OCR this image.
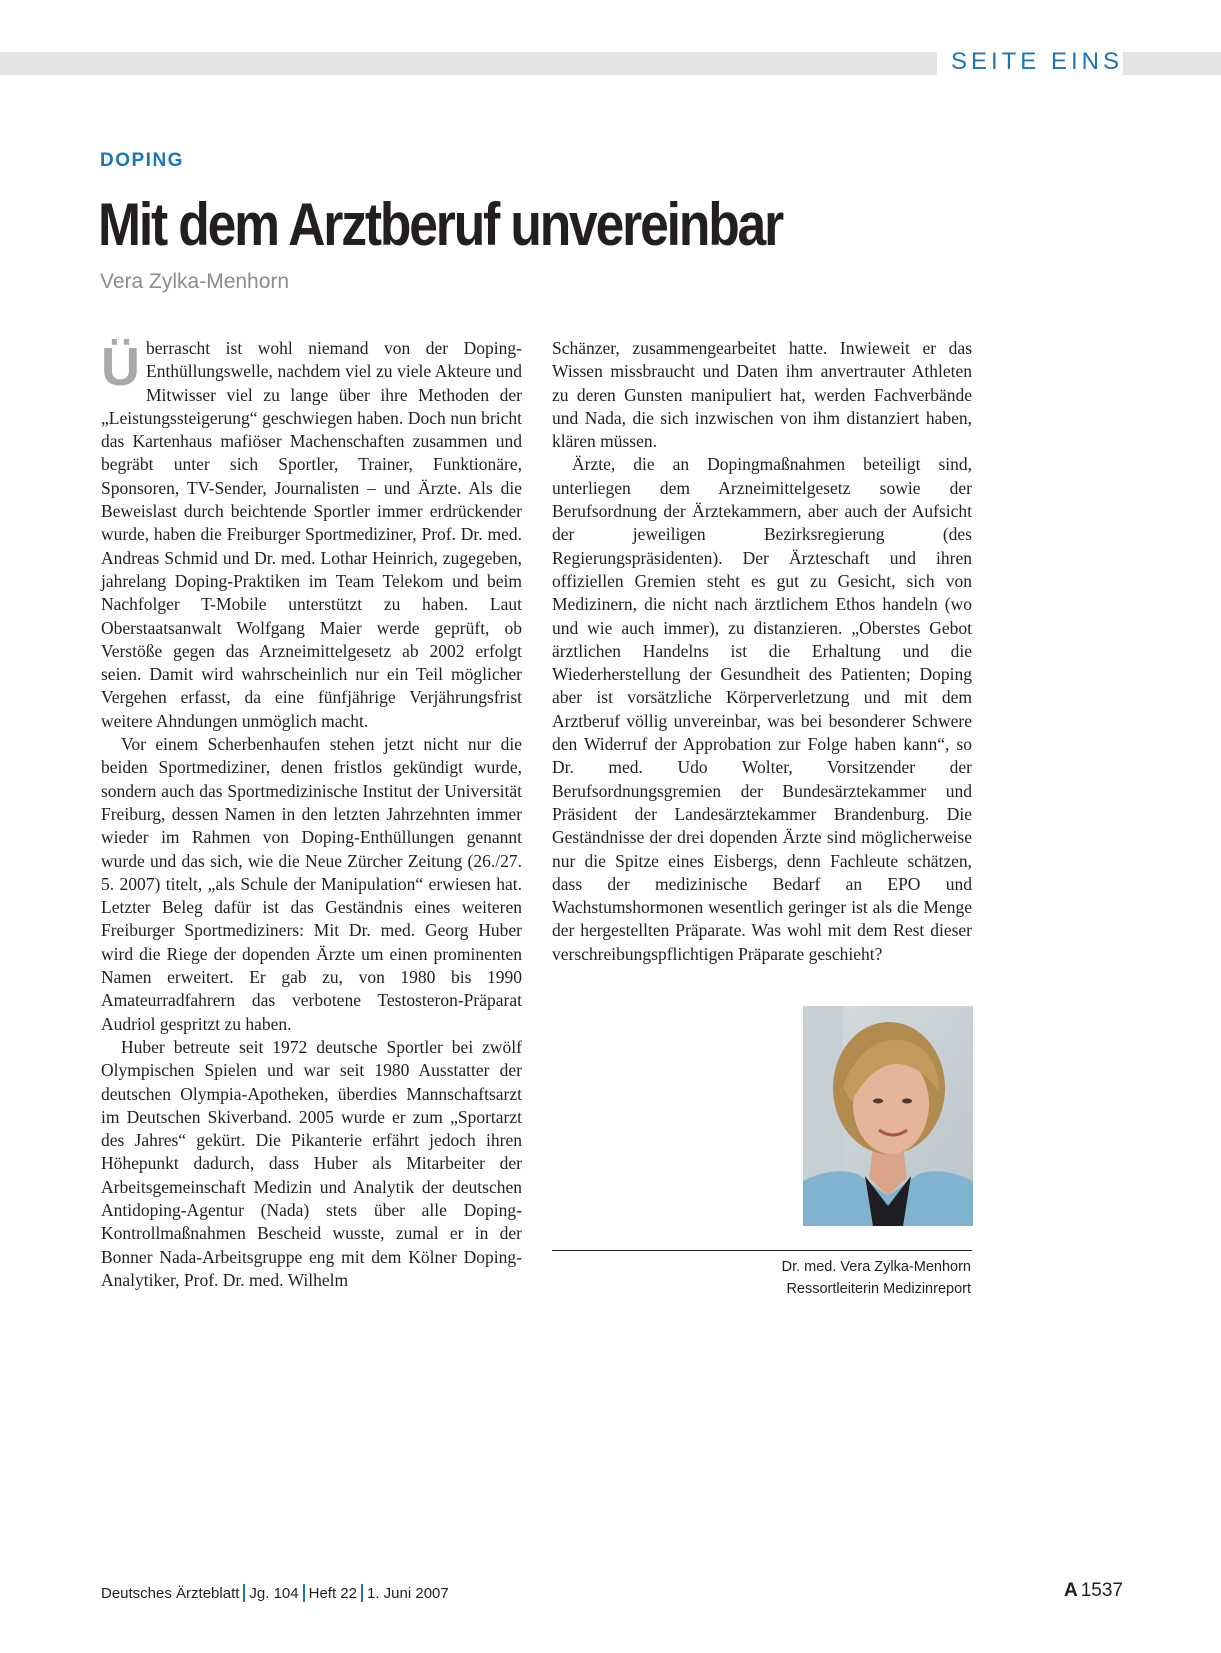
SEITE EINS
DOPING
Mit dem Arztberuf unvereinbar
Vera Zylka-Menhorn

Überrascht ist wohl niemand von der Doping-Enthüllungswelle, nachdem viel zu viele Akteure und Mitwisser viel zu lange über ihre Methoden der „Leistungssteigerung“ geschwiegen haben. Doch nun bricht das Kartenhaus mafiöser Machenschaften zusammen und begräbt unter sich Sportler, Trainer, Funktionäre, Sponsoren, TV-Sender, Journalisten – und Ärzte. Als die Beweislast durch beichtende Sportler immer erdrückender wurde, haben die Freiburger Sportmediziner, Prof. Dr. med. Andreas Schmid und Dr. med. Lothar Heinrich, zugegeben, jahrelang Doping-Praktiken im Team Telekom und beim Nachfolger T-Mobile unterstützt zu haben. Laut Oberstaatsanwalt Wolfgang Maier werde geprüft, ob Verstöße gegen das Arzneimittelgesetz ab 2002 erfolgt seien. Damit wird wahrscheinlich nur ein Teil möglicher Vergehen erfasst, da eine fünfjährige Verjährungsfrist weitere Ahndungen unmöglich macht.

Vor einem Scherbenhaufen stehen jetzt nicht nur die beiden Sportmediziner, denen fristlos gekündigt wurde, sondern auch das Sportmedizinische Institut der Universität Freiburg, dessen Namen in den letzten Jahrzehnten immer wieder im Rahmen von Doping-Enthüllungen genannt wurde und das sich, wie die Neue Zürcher Zeitung (26./27. 5. 2007) titelt, „als Schule der Manipulation“ erwiesen hat. Letzter Beleg dafür ist das Geständnis eines weiteren Freiburger Sportmediziners: Mit Dr. med. Georg Huber wird die Riege der dopenden Ärzte um einen prominenten Namen erweitert. Er gab zu, von 1980 bis 1990 Amateurradfahrern das verbotene Testosteron-Präparat Audriol gespritzt zu haben.

Huber betreute seit 1972 deutsche Sportler bei zwölf Olympischen Spielen und war seit 1980 Ausstatter der deutschen Olympia-Apotheken, überdies Mannschaftsarzt im Deutschen Skiverband. 2005 wurde er zum „Sportarzt des Jahres“ gekürt. Die Pikanterie erfährt jedoch ihren Höhepunkt dadurch, dass Huber als Mitarbeiter der Arbeitsgemeinschaft Medizin und Analytik der deutschen Antidoping-Agentur (Nada) stets über alle Doping-Kontrollmaßnahmen Bescheid wusste, zumal er in der Bonner Nada-Arbeitsgruppe eng mit dem Kölner Doping-Analytiker, Prof. Dr. med. Wilhelm

Schänzer, zusammengearbeitet hatte. Inwieweit er das Wissen missbraucht und Daten ihm anvertrauter Athleten zu deren Gunsten manipuliert hat, werden Fachverbände und Nada, die sich inzwischen von ihm distanziert haben, klären müssen.

Ärzte, die an Dopingmaßnahmen beteiligt sind, unterliegen dem Arzneimittelgesetz sowie der Berufsordnung der Ärztekammern, aber auch der Aufsicht der jeweiligen Bezirksregierung (des Regierungspräsidenten). Der Ärzteschaft und ihren offiziellen Gremien steht es gut zu Gesicht, sich von Medizinern, die nicht nach ärztlichem Ethos handeln (wo und wie auch immer), zu distanzieren. „Oberstes Gebot ärztlichen Handelns ist die Erhaltung und die Wiederherstellung der Gesundheit des Patienten; Doping aber ist vorsätzliche Körperverletzung und mit dem Arztberuf völlig unvereinbar, was bei besonderer Schwere den Widerruf der Approbation zur Folge haben kann“, so Dr. med. Udo Wolter, Vorsitzender der Berufsordnungsgremien der Bundesärztekammer und Präsident der Landesärztekammer Brandenburg. Die Geständnisse der drei dopenden Ärzte sind möglicherweise nur die Spitze eines Eisbergs, denn Fachleute schätzen, dass der medizinische Bedarf an EPO und Wachstumshormonen wesentlich geringer ist als die Menge der hergestellten Präparate. Was wohl mit dem Rest dieser verschreibungspflichtigen Präparate geschieht?

Dr. med. Vera Zylka-Menhorn
Ressortleiterin Medizinreport
Deutsches Ärzteblatt Jg. 104 Heft 22 1. Juni 2007	A 1537
